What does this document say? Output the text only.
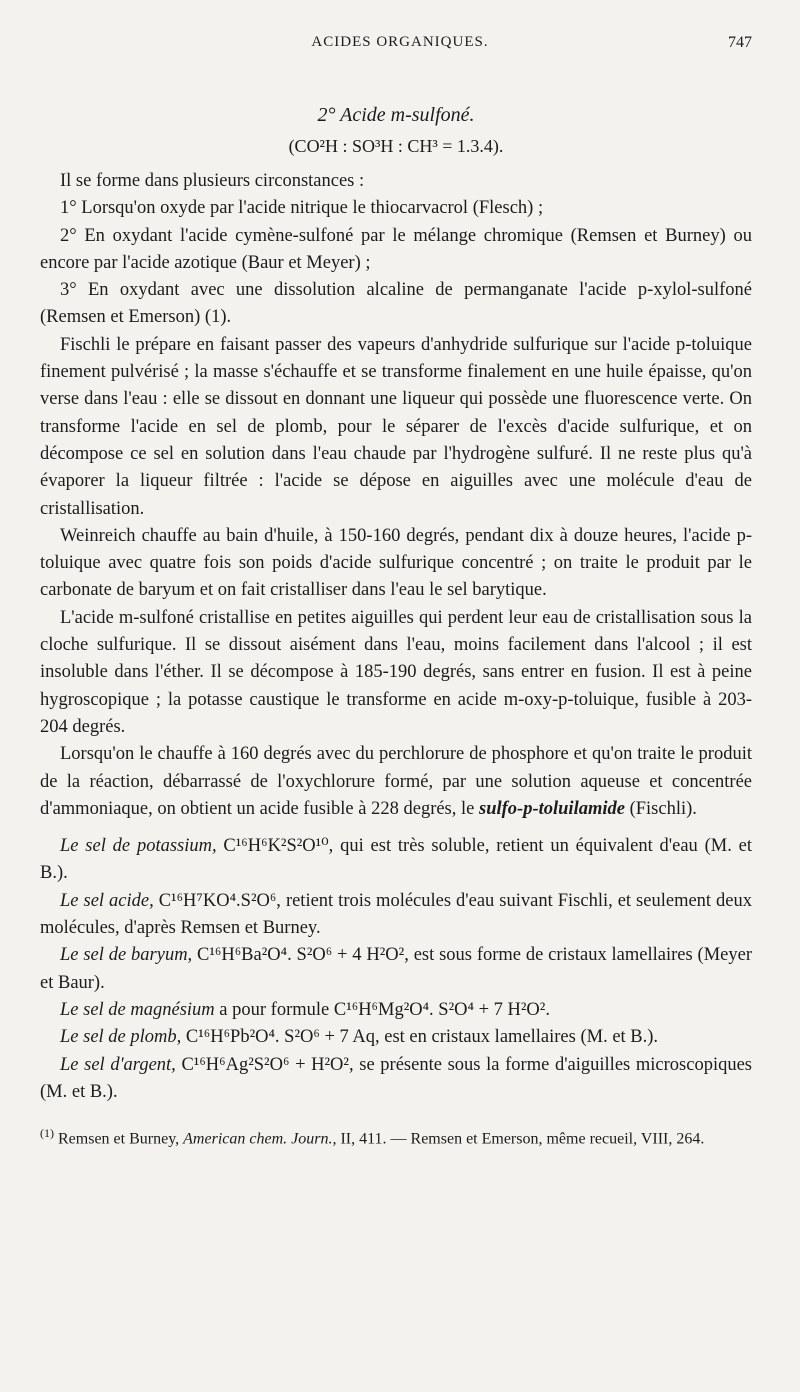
ACIDES ORGANIQUES.	747
2° Acide m-sulfoné.
(CO²H : SO³H : CH³ = 1.3.4).

Il se forme dans plusieurs circonstances :

1° Lorsqu'on oxyde par l'acide nitrique le thiocarvacrol (Flesch) ;

2° En oxydant l'acide cymène-sulfoné par le mélange chromique (Remsen et Burney) ou encore par l'acide azotique (Baur et Meyer) ;

3° En oxydant avec une dissolution alcaline de permanganate l'acide p-xylol-sulfoné (Remsen et Emerson) (1).

Fischli le prépare en faisant passer des vapeurs d'anhydride sulfurique sur l'acide p-toluique finement pulvérisé ; la masse s'échauffe et se transforme finalement en une huile épaisse, qu'on verse dans l'eau : elle se dissout en donnant une liqueur qui possède une fluorescence verte. On transforme l'acide en sel de plomb, pour le séparer de l'excès d'acide sulfurique, et on décompose ce sel en solution dans l'eau chaude par l'hydrogène sulfuré. Il ne reste plus qu'à évaporer la liqueur filtrée : l'acide se dépose en aiguilles avec une molécule d'eau de cristallisation.

Weinreich chauffe au bain d'huile, à 150-160 degrés, pendant dix à douze heures, l'acide p-toluique avec quatre fois son poids d'acide sulfurique concentré ; on traite le produit par le carbonate de baryum et on fait cristalliser dans l'eau le sel barytique.

L'acide m-sulfoné cristallise en petites aiguilles qui perdent leur eau de cristallisation sous la cloche sulfurique. Il se dissout aisément dans l'eau, moins facilement dans l'alcool ; il est insoluble dans l'éther. Il se décompose à 185-190 degrés, sans entrer en fusion. Il est à peine hygroscopique ; la potasse caustique le transforme en acide m-oxy-p-toluique, fusible à 203-204 degrés.

Lorsqu'on le chauffe à 160 degrés avec du perchlorure de phosphore et qu'on traite le produit de la réaction, débarrassé de l'oxychlorure formé, par une solution aqueuse et concentrée d'ammoniaque, on obtient un acide fusible à 228 degrés, le sulfo-p-toluilamide (Fischli).

Le sel de potassium, C¹⁶H⁶K²S²O¹⁰, qui est très soluble, retient un équivalent d'eau (M. et B.).

Le sel acide, C¹⁶H⁷KO⁴.S²O⁶, retient trois molécules d'eau suivant Fischli, et seulement deux molécules, d'après Remsen et Burney.

Le sel de baryum, C¹⁶H⁶Ba²O⁴. S²O⁶ + 4 H²O², est sous forme de cristaux lamellaires (Meyer et Baur).

Le sel de magnésium a pour formule C¹⁶H⁶Mg²O⁴. S²O⁴ + 7 H²O².

Le sel de plomb, C¹⁶H⁶Pb²O⁴. S²O⁶ + 7 Aq, est en cristaux lamellaires (M. et B.).

Le sel d'argent, C¹⁶H⁶Ag²S²O⁶ + H²O², se présente sous la forme d'aiguilles microscopiques (M. et B.).

$^{(1)}$ Remsen et Burney, American chem. Journ., II, 411. — Remsen et Emerson, même recueil, VIII, 264.
